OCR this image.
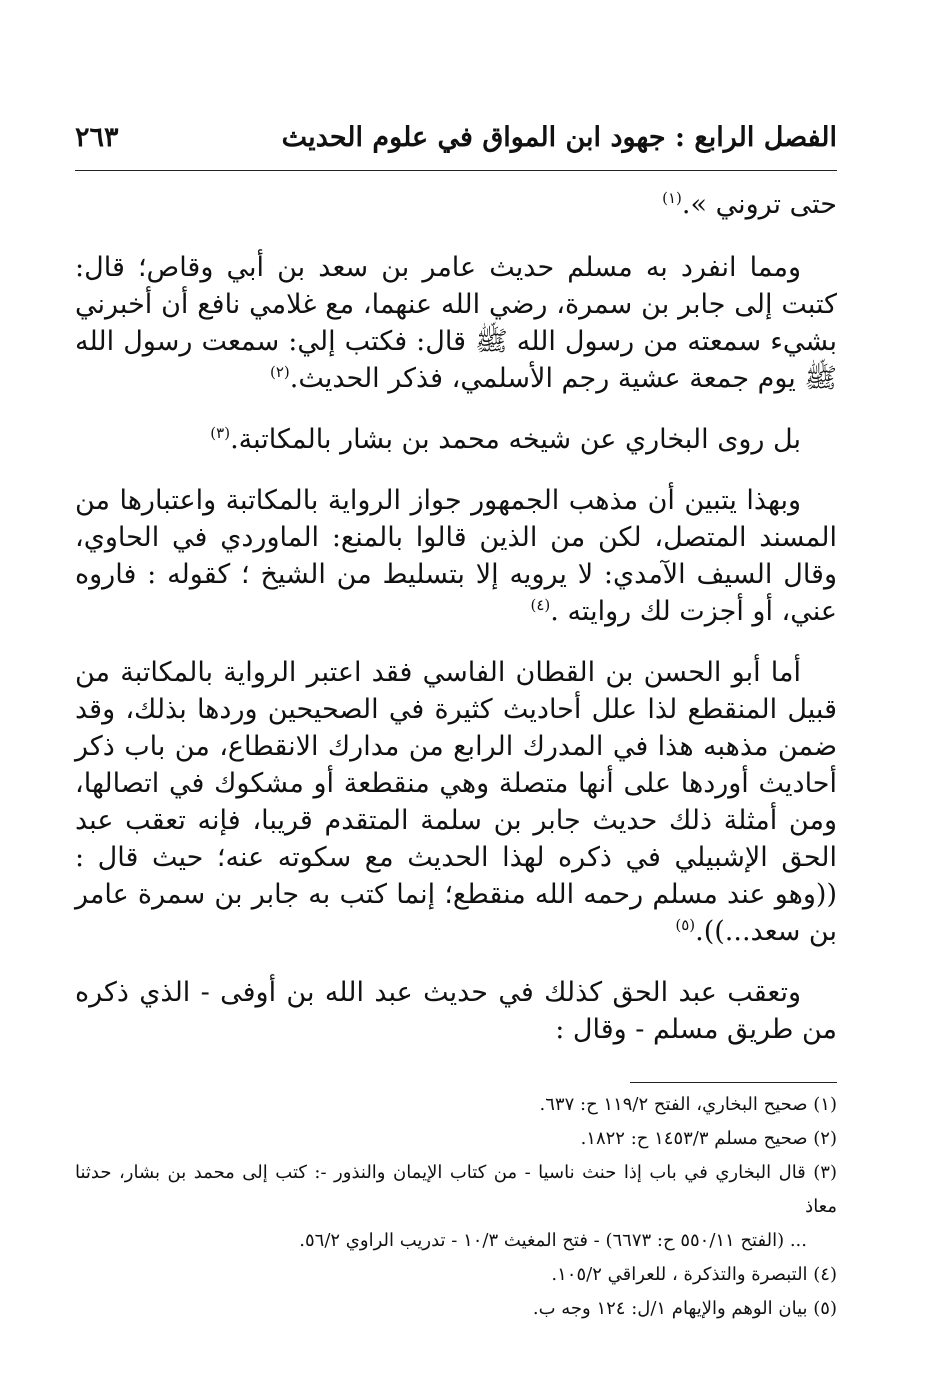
الفصل الرابع : جهود ابن المواق في علوم الحديث
٢٦٣

حتى تروني ».$^{(١)}$

ومما انفرد به مسلم حديث عامر بن سعد بن أبي وقاص؛ قال: كتبت إلى جابر بن سمرة، رضي الله عنهما، مع غلامي نافع أن أخبرني بشيء سمعته من رسول الله ﷺ قال: فكتب إلي: سمعت رسول الله ﷺ يوم جمعة عشية رجم الأسلمي، فذكر الحديث.$^{(٢)}$

بل روى البخاري عن شيخه محمد بن بشار بالمكاتبة.$^{(٣)}$

وبهذا يتبين أن مذهب الجمهور جواز الرواية بالمكاتبة واعتبارها من المسند المتصل، لكن من الذين قالوا بالمنع: الماوردي في الحاوي، وقال السيف الآمدي: لا يرويه إلا بتسليط من الشيخ ؛ كقوله : فاروه عني، أو أجزت لك روايته .$^{(٤)}$

أما أبو الحسن بن القطان الفاسي فقد اعتبر الرواية بالمكاتبة من قبيل المنقطع لذا علل أحاديث كثيرة في الصحيحين وردها بذلك، وقد ضمن مذهبه هذا في المدرك الرابع من مدارك الانقطاع، من باب ذكر أحاديث أوردها على أنها متصلة وهي منقطعة أو مشكوك في اتصالها، ومن أمثلة ذلك حديث جابر بن سلمة المتقدم قريبا، فإنه تعقب عبد الحق الإشبيلي في ذكره لهذا الحديث مع سكوته عنه؛ حيث قال : ((وهو عند مسلم رحمه الله منقطع؛ إنما كتب به جابر بن سمرة عامر بن سعد...)).$^{(٥)}$

وتعقب عبد الحق كذلك في حديث عبد الله بن أوفى - الذي ذكره من طريق مسلم - وقال :

(١) صحيح البخاري، الفتح ١١٩/٢ ح: ٦٣٧.

(٢) صحيح مسلم ١٤٥٣/٣ ح: ١٨٢٢.

(٣) قال البخاري في باب إذا حنث ناسيا - من كتاب الإيمان والنذور -: كتب إلى محمد بن بشار، حدثنا معاذ
... (الفتح ٥٥٠/١١ ح: ٦٦٧٣) - فتح المغيث ١٠/٣ - تدريب الراوي ٥٦/٢.

(٤) التبصرة والتذكرة ، للعراقي ١٠٥/٢.

(٥) بيان الوهم والإيهام ١/ل: ١٢٤ وجه ب.
